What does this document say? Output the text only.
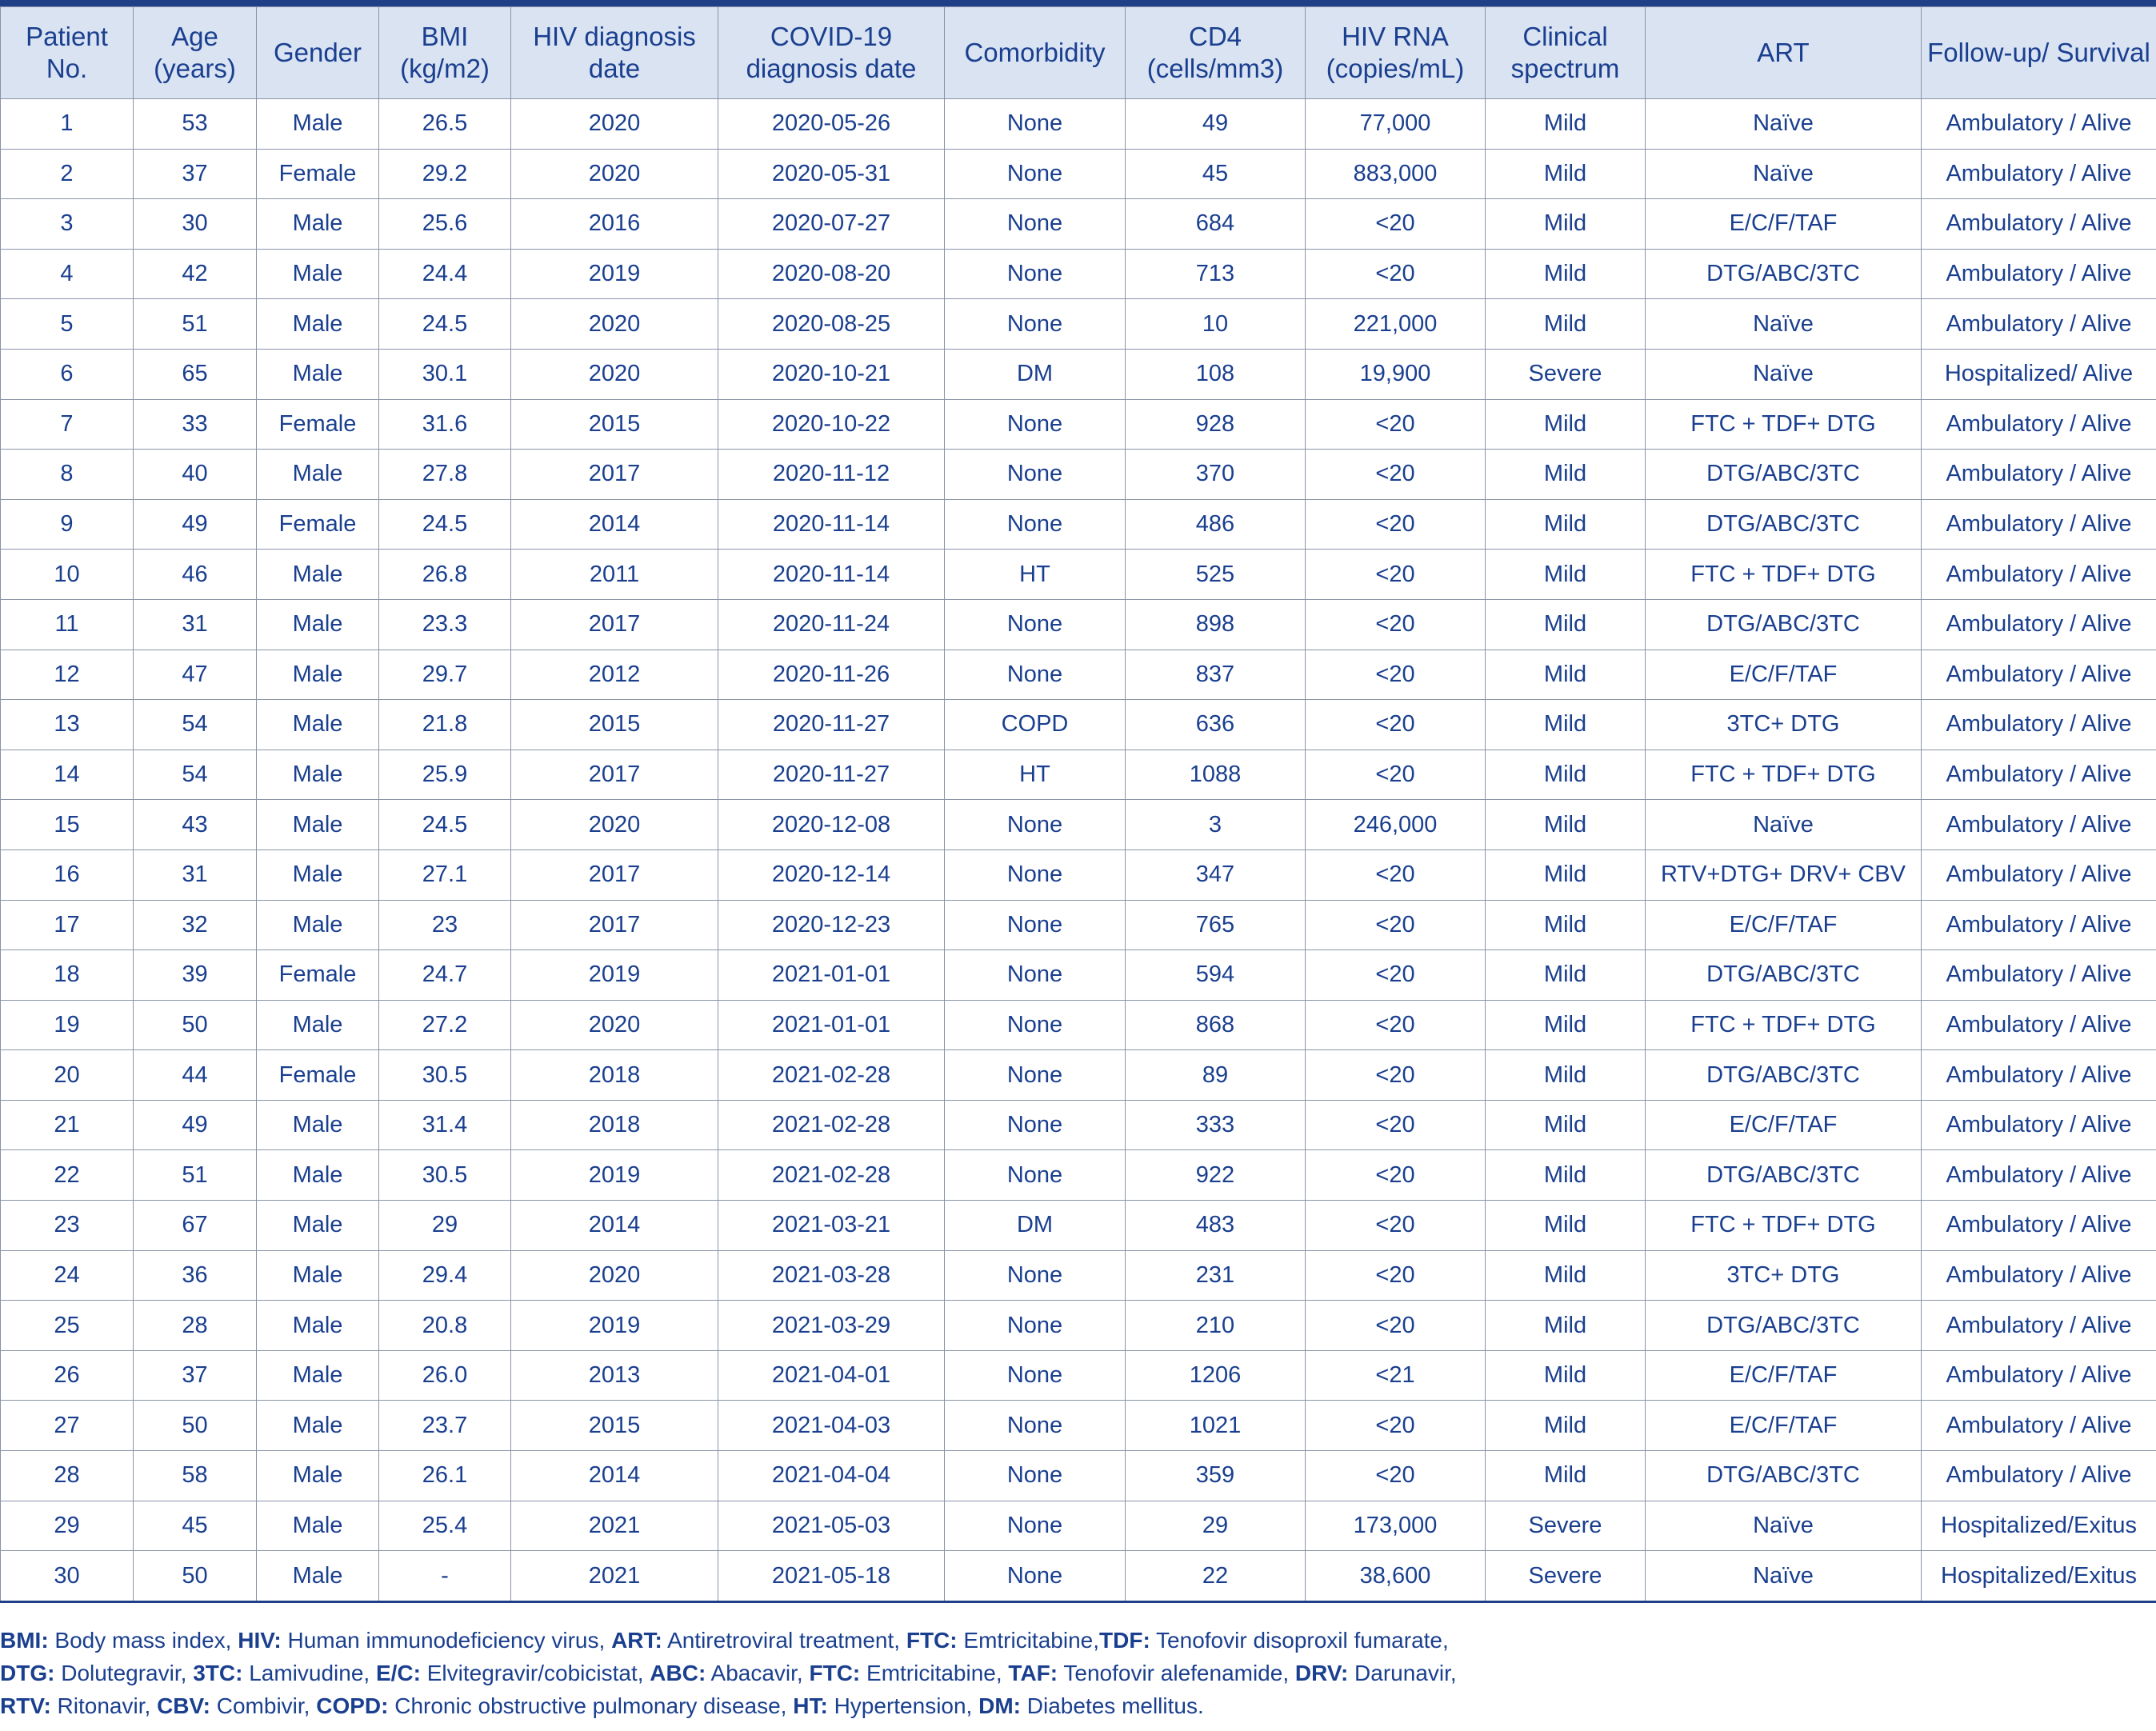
Patient No.	Age (years)	Gender	BMI (kg/m2)	HIV diagnosis date	COVID-19 diagnosis date	Comorbidity	CD4 (cells/mm3)	HIV RNA (copies/mL)	Clinical spectrum	ART	Follow-up/ Survival
1	53	Male	26.5	2020	2020-05-26	None	49	77,000	Mild	Naïve	Ambulatory / Alive
2	37	Female	29.2	2020	2020-05-31	None	45	883,000	Mild	Naïve	Ambulatory / Alive
3	30	Male	25.6	2016	2020-07-27	None	684	<20	Mild	E/C/F/TAF	Ambulatory / Alive
4	42	Male	24.4	2019	2020-08-20	None	713	<20	Mild	DTG/ABC/3TC	Ambulatory / Alive
5	51	Male	24.5	2020	2020-08-25	None	10	221,000	Mild	Naïve	Ambulatory / Alive
6	65	Male	30.1	2020	2020-10-21	DM	108	19,900	Severe	Naïve	Hospitalized/ Alive
7	33	Female	31.6	2015	2020-10-22	None	928	<20	Mild	FTC + TDF+ DTG	Ambulatory / Alive
8	40	Male	27.8	2017	2020-11-12	None	370	<20	Mild	DTG/ABC/3TC	Ambulatory / Alive
9	49	Female	24.5	2014	2020-11-14	None	486	<20	Mild	DTG/ABC/3TC	Ambulatory / Alive
10	46	Male	26.8	2011	2020-11-14	HT	525	<20	Mild	FTC + TDF+ DTG	Ambulatory / Alive
11	31	Male	23.3	2017	2020-11-24	None	898	<20	Mild	DTG/ABC/3TC	Ambulatory / Alive
12	47	Male	29.7	2012	2020-11-26	None	837	<20	Mild	E/C/F/TAF	Ambulatory / Alive
13	54	Male	21.8	2015	2020-11-27	COPD	636	<20	Mild	3TC+ DTG	Ambulatory / Alive
14	54	Male	25.9	2017	2020-11-27	HT	1088	<20	Mild	FTC + TDF+ DTG	Ambulatory / Alive
15	43	Male	24.5	2020	2020-12-08	None	3	246,000	Mild	Naïve	Ambulatory / Alive
16	31	Male	27.1	2017	2020-12-14	None	347	<20	Mild	RTV+DTG+ DRV+ CBV	Ambulatory / Alive
17	32	Male	23	2017	2020-12-23	None	765	<20	Mild	E/C/F/TAF	Ambulatory / Alive
18	39	Female	24.7	2019	2021-01-01	None	594	<20	Mild	DTG/ABC/3TC	Ambulatory / Alive
19	50	Male	27.2	2020	2021-01-01	None	868	<20	Mild	FTC + TDF+ DTG	Ambulatory / Alive
20	44	Female	30.5	2018	2021-02-28	None	89	<20	Mild	DTG/ABC/3TC	Ambulatory / Alive
21	49	Male	31.4	2018	2021-02-28	None	333	<20	Mild	E/C/F/TAF	Ambulatory / Alive
22	51	Male	30.5	2019	2021-02-28	None	922	<20	Mild	DTG/ABC/3TC	Ambulatory / Alive
23	67	Male	29	2014	2021-03-21	DM	483	<20	Mild	FTC + TDF+ DTG	Ambulatory / Alive
24	36	Male	29.4	2020	2021-03-28	None	231	<20	Mild	3TC+ DTG	Ambulatory / Alive
25	28	Male	20.8	2019	2021-03-29	None	210	<20	Mild	DTG/ABC/3TC	Ambulatory / Alive
26	37	Male	26.0	2013	2021-04-01	None	1206	<21	Mild	E/C/F/TAF	Ambulatory / Alive
27	50	Male	23.7	2015	2021-04-03	None	1021	<20	Mild	E/C/F/TAF	Ambulatory / Alive
28	58	Male	26.1	2014	2021-04-04	None	359	<20	Mild	DTG/ABC/3TC	Ambulatory / Alive
29	45	Male	25.4	2021	2021-05-03	None	29	173,000	Severe	Naïve	Hospitalized/Exitus
30	50	Male	-	2021	2021-05-18	None	22	38,600	Severe	Naïve	Hospitalized/Exitus
BMI: Body mass index, HIV: Human immunodeficiency virus, ART: Antiretroviral treatment, FTC: Emtricitabine,TDF: Tenofovir disoproxil fumarate,
DTG: Dolutegravir, 3TC: Lamivudine, E/C: Elvitegravir/cobicistat, ABC: Abacavir, FTC: Emtricitabine, TAF: Tenofovir alefenamide, DRV: Darunavir,
RTV: Ritonavir, CBV: Combivir, COPD: Chronic obstructive pulmonary disease, HT: Hypertension, DM: Diabetes mellitus.
